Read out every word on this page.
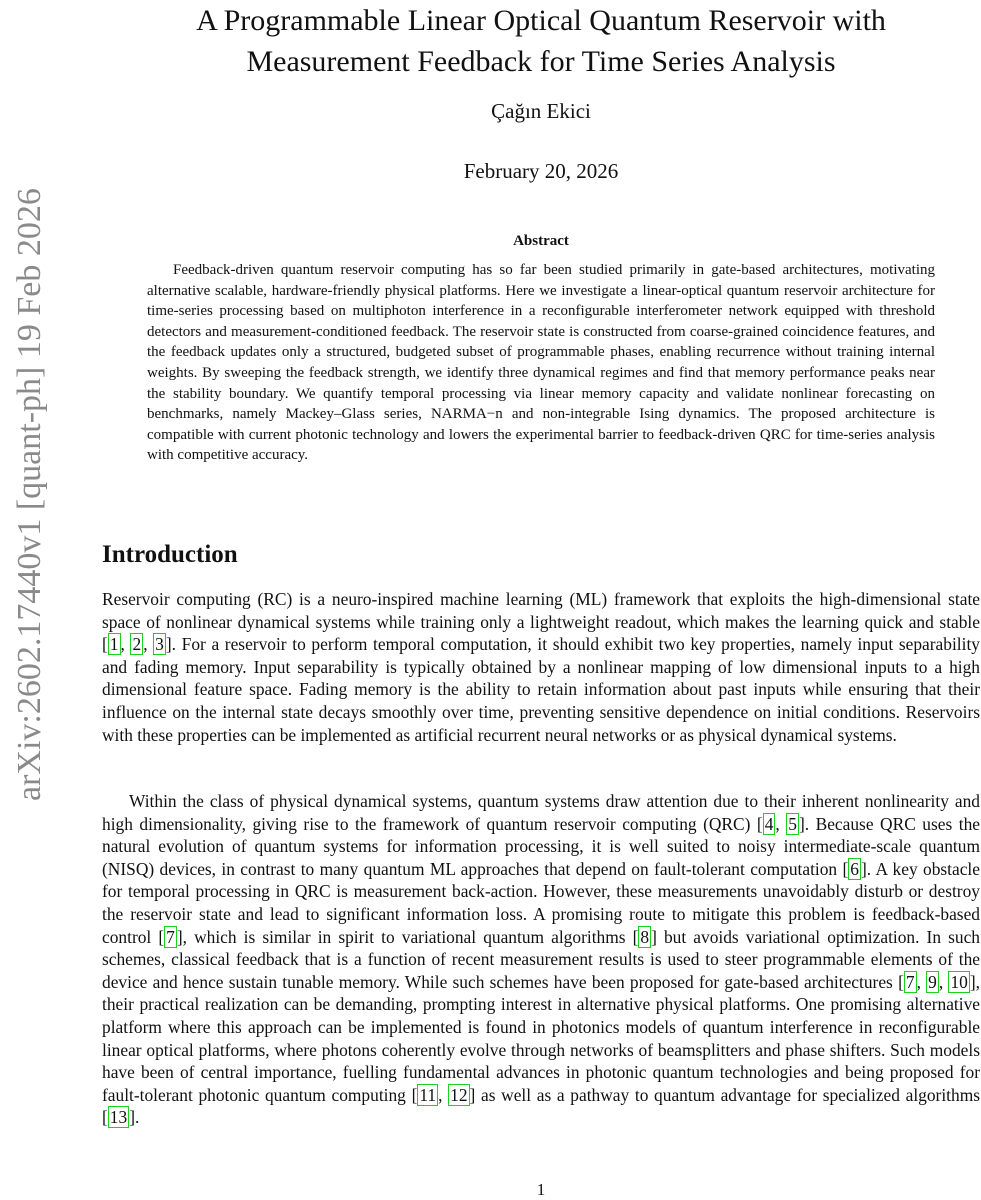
arXiv:2602.17440v1 [quant-ph] 19 Feb 2026
A Programmable Linear Optical Quantum Reservoir with
Measurement Feedback for Time Series Analysis
Çağın Ekici
February 20, 2026
Abstract

Feedback-driven quantum reservoir computing has so far been studied primarily in gate-based architectures, motivating alternative scalable, hardware-friendly physical platforms. Here we investigate a linear-optical quantum reservoir architecture for time-series processing based on multiphoton interference in a reconfigurable interferometer network equipped with threshold detectors and measurement-conditioned feedback. The reservoir state is constructed from coarse-grained coincidence features, and the feedback updates only a structured, budgeted subset of programmable phases, enabling recurrence without training internal weights. By sweeping the feedback strength, we identify three dynamical regimes and find that memory performance peaks near the stability boundary. We quantify temporal processing via linear memory capacity and validate nonlinear forecasting on benchmarks, namely Mackey–Glass series, NARMA−n and non-integrable Ising dynamics. The proposed architecture is compatible with current photonic technology and lowers the experimental barrier to feedback-driven QRC for time-series analysis with competitive accuracy.

Introduction

Reservoir computing (RC) is a neuro-inspired machine learning (ML) framework that exploits the high-dimensional state space of nonlinear dynamical systems while training only a lightweight readout, which makes the learning quick and stable [ 1 , 2 , 3 ]. For a reservoir to perform temporal computation, it should exhibit two key properties, namely input separability and fading memory. Input separability is typically obtained by a nonlinear mapping of low dimensional inputs to a high dimensional feature space. Fading memory is the ability to retain information about past inputs while ensuring that their influence on the internal state decays smoothly over time, preventing sensitive dependence on initial conditions. Reservoirs with these properties can be implemented as artificial recurrent neural networks or as physical dynamical systems.

Within the class of physical dynamical systems, quantum systems draw attention due to their inherent nonlinearity and high dimensionality, giving rise to the framework of quantum reservoir computing (QRC) [ 4 , 5 ]. Because QRC uses the natural evolution of quantum systems for information processing, it is well suited to noisy intermediate-scale quantum (NISQ) devices, in contrast to many quantum ML approaches that depend on fault-tolerant computation [ 6 ]. A key obstacle for temporal processing in QRC is measurement back-action. However, these measurements unavoidably disturb or destroy the reservoir state and lead to significant information loss. A promising route to mitigate this problem is feedback-based control [ 7 ], which is similar in spirit to variational quantum algorithms [ 8 ] but avoids variational optimization. In such schemes, classical feedback that is a function of recent measurement results is used to steer programmable elements of the device and hence sustain tunable memory. While such schemes have been proposed for gate-based architectures [ 7 , 9 , 10 ], their practical realization can be demanding, prompting interest in alternative physical platforms. One promising alternative platform where this approach can be implemented is found in photonics models of quantum interference in reconfigurable linear optical platforms, where photons coherently evolve through networks of beamsplitters and phase shifters. Such models have been of central importance, fuelling fundamental advances in photonic quantum technologies and being proposed for fault-tolerant photonic quantum computing [ 11 , 12 ] as well as a pathway to quantum advantage for specialized algorithms [ 13 ].

1
